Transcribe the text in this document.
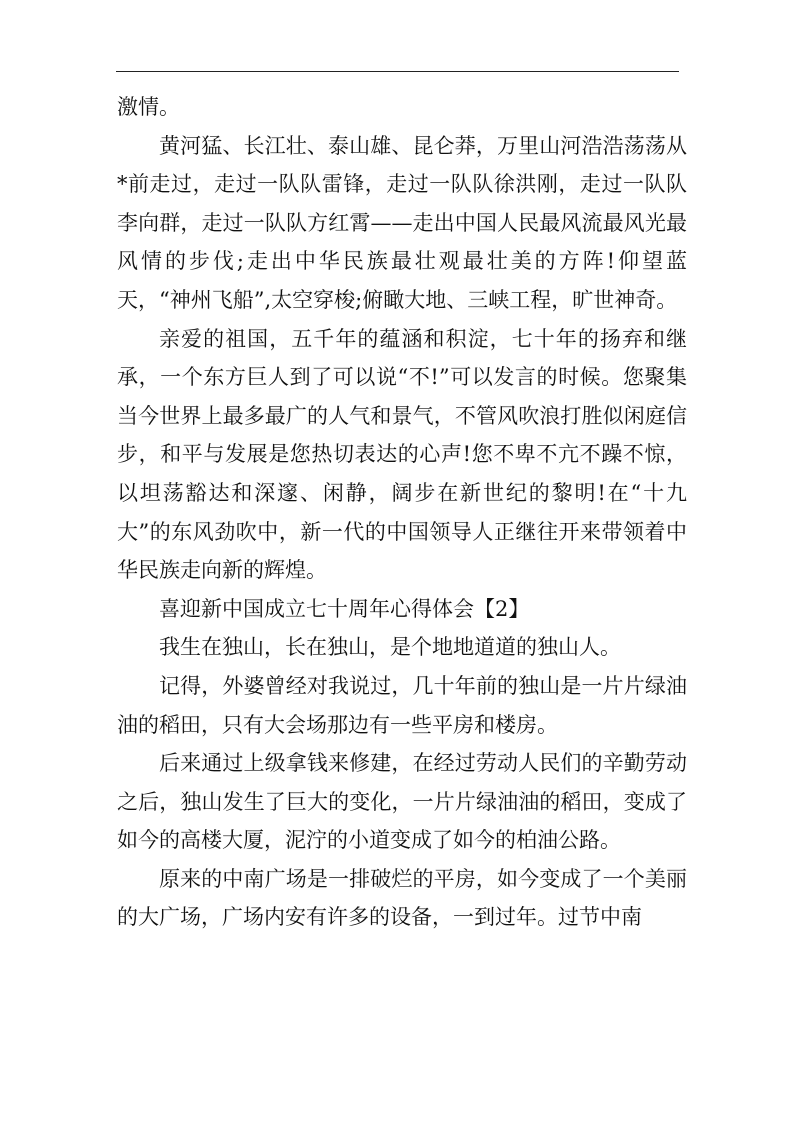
激情。

黄河猛、长江壮、泰山雄、昆仑莽，万里山河浩浩荡荡从*前走过，走过一队队雷锋，走过一队队徐洪刚，走过一队队李向群，走过一队队方红霄——走出中国人民最风流最风光最风情的步伐;走出中华民族最壮观最壮美的方阵!仰望蓝天，“神州飞船”,太空穿梭;俯瞰大地、三峡工程，旷世神奇。

亲爱的祖国，五千年的蕴涵和积淀，七十年的扬弃和继承，一个东方巨人到了可以说“不!”可以发言的时候。您聚集当今世界上最多最广的人气和景气，不管风吹浪打胜似闲庭信步，和平与发展是您热切表达的心声!您不卑不亢不躁不惊，以坦荡豁达和深邃、闲静，阔步在新世纪的黎明!在“十九大”的东风劲吹中，新一代的中国领导人正继往开来带领着中华民族走向新的辉煌。

喜迎新中国成立七十周年心得体会【2】

我生在独山，长在独山，是个地地道道的独山人。

记得，外婆曾经对我说过，几十年前的独山是一片片绿油油的稻田，只有大会场那边有一些平房和楼房。

后来通过上级拿钱来修建，在经过劳动人民们的辛勤劳动之后，独山发生了巨大的变化，一片片绿油油的稻田，变成了如今的高楼大厦，泥泞的小道变成了如今的柏油公路。

原来的中南广场是一排破烂的平房，如今变成了一个美丽的大广场，广场内安有许多的设备，一到过年。过节中南
